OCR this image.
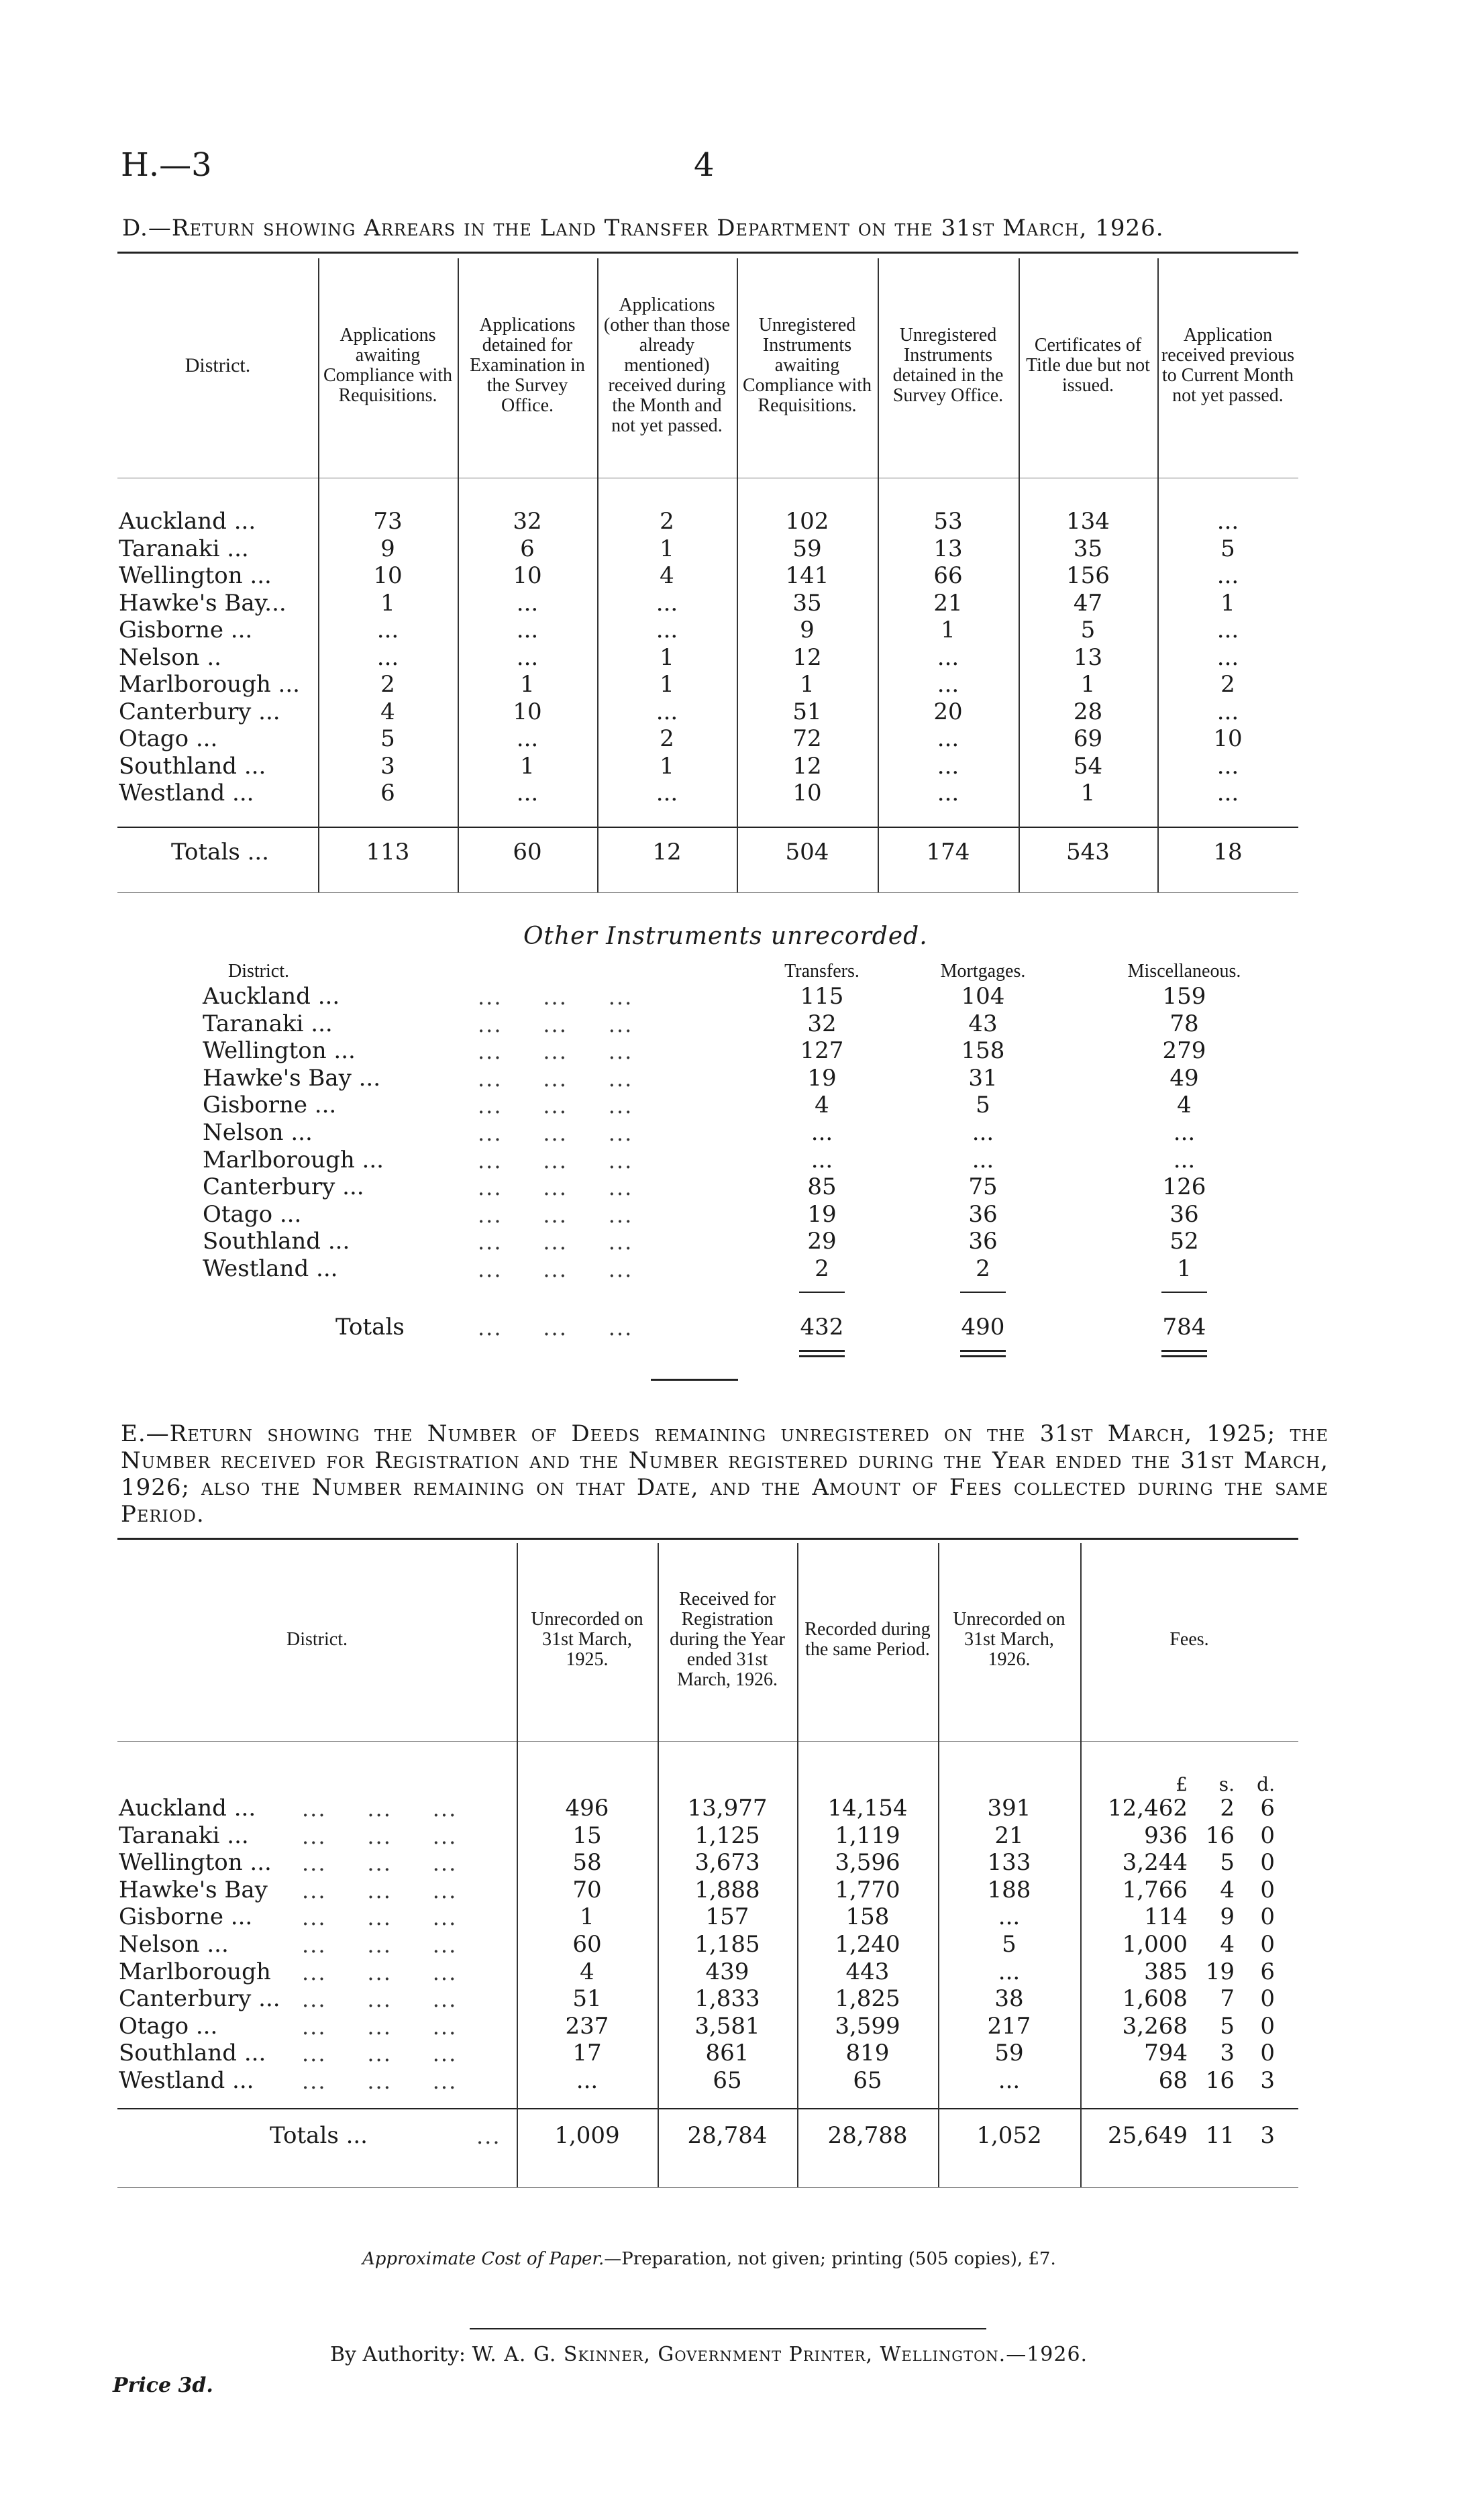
H.—3	4
D.—Return showing Arrears in the Land Transfer Department on the 31st March, 1926.
District.
Applications awaiting Compliance with Requisitions.
Applications detained for Examination in the Survey Office.
Applications (other than those already mentioned) received during the Month and not yet passed.
Unregistered Instruments awaiting Compliance with Requisitions.
Unregistered Instruments detained in the Survey Office.
Certificates of Title due but not issued.
Application received previous to Current Month not yet passed.
Auckland ...	73	32	2	102	53	134	...
Taranaki ...	9	6	1	59	13	35	5
Wellington ...	10	10	4	141	66	156	...
Hawke's Bay...	1	...	...	35	21	47	1
Gisborne ...	...	...	...	9	1	5	...
Nelson ..	...	...	1	12	...	13	...
Marlborough ...	2	1	1	1	...	1	2
Canterbury ...	4	10	...	51	20	28	...
Otago ...	5	...	2	72	...	69	10
Southland ...	3	1	1	12	...	54	...
Westland ...	6	...	...	10	...	1	...
Totals ...	113	60	12	504	174	543	18
Other Instruments unrecorded.
District.	Transfers.	Mortgages.	Miscellaneous.
Auckland ...	...     ...     ...	115	104	159
Taranaki ...	...     ...     ...	32	43	78
Wellington ...	...     ...     ...	127	158	279
Hawke's Bay ...	...     ...     ...	19	31	49
Gisborne ...	...     ...     ...	4	5	4
Nelson ...	...     ...     ...	...	...	...
Marlborough ...	...     ...     ...	...	...	...
Canterbury ...	...     ...     ...	85	75	126
Otago ...	...     ...     ...	19	36	36
Southland ...	...     ...     ...	29	36	52
Westland ...	...     ...     ...	2	2	1
Totals	...     ...     ...	432	490	784
E.—Return showing the Number of Deeds remaining unregistered on the 31st March, 1925; the Number received for Registration and the Number registered during the Year ended the 31st March, 1926; also the Number remaining on that Date, and the Amount of Fees collected during the same Period.
District.
Unrecorded on 31st March, 1925.
Received for Registration during the Year ended 31st March, 1926.
Recorded during the same Period.
Unrecorded on 31st March, 1926.
Fees.
£	s.	d.
Auckland ... ...     ...     ...	496	13,977	14,154	391	12,462	2	6
Taranaki ... ...     ...     ...	15	1,125	1,119	21	936 16	0
Wellington ... ...     ...     ...	58	3,673	3,596	133	3,244	5	0
Hawke's Bay ...     ...     ...	70	1,888	1,770	188	1,766	4	0
Gisborne ... ...     ...     ...	1	157	158	...	114	9	0
Nelson ...	...     ...     ...	60	1,185	1,240	5	1,000	4	0
Marlborough ...     ...     ...	4	439	443	...	385 19	6
Canterbury ... ...     ...     ...	51	1,833	1,825	38	1,608	7	0
Otago ...	...     ...     ...	237	3,581	3,599	217	3,268	5	0
Southland ... ...     ...     ...	17	861	819	59	794	3	0
Westland ... ...     ...     ...	...	65	65	...	68 16	3
Totals ...	...	1,009	28,784	28,788	1,052	25,649 11	3
Approximate Cost of Paper.—Preparation, not given; printing (505 copies), £7.
By Authority: W. A. G. Skinner, Government Printer, Wellington.—1926.
Price 3d.
